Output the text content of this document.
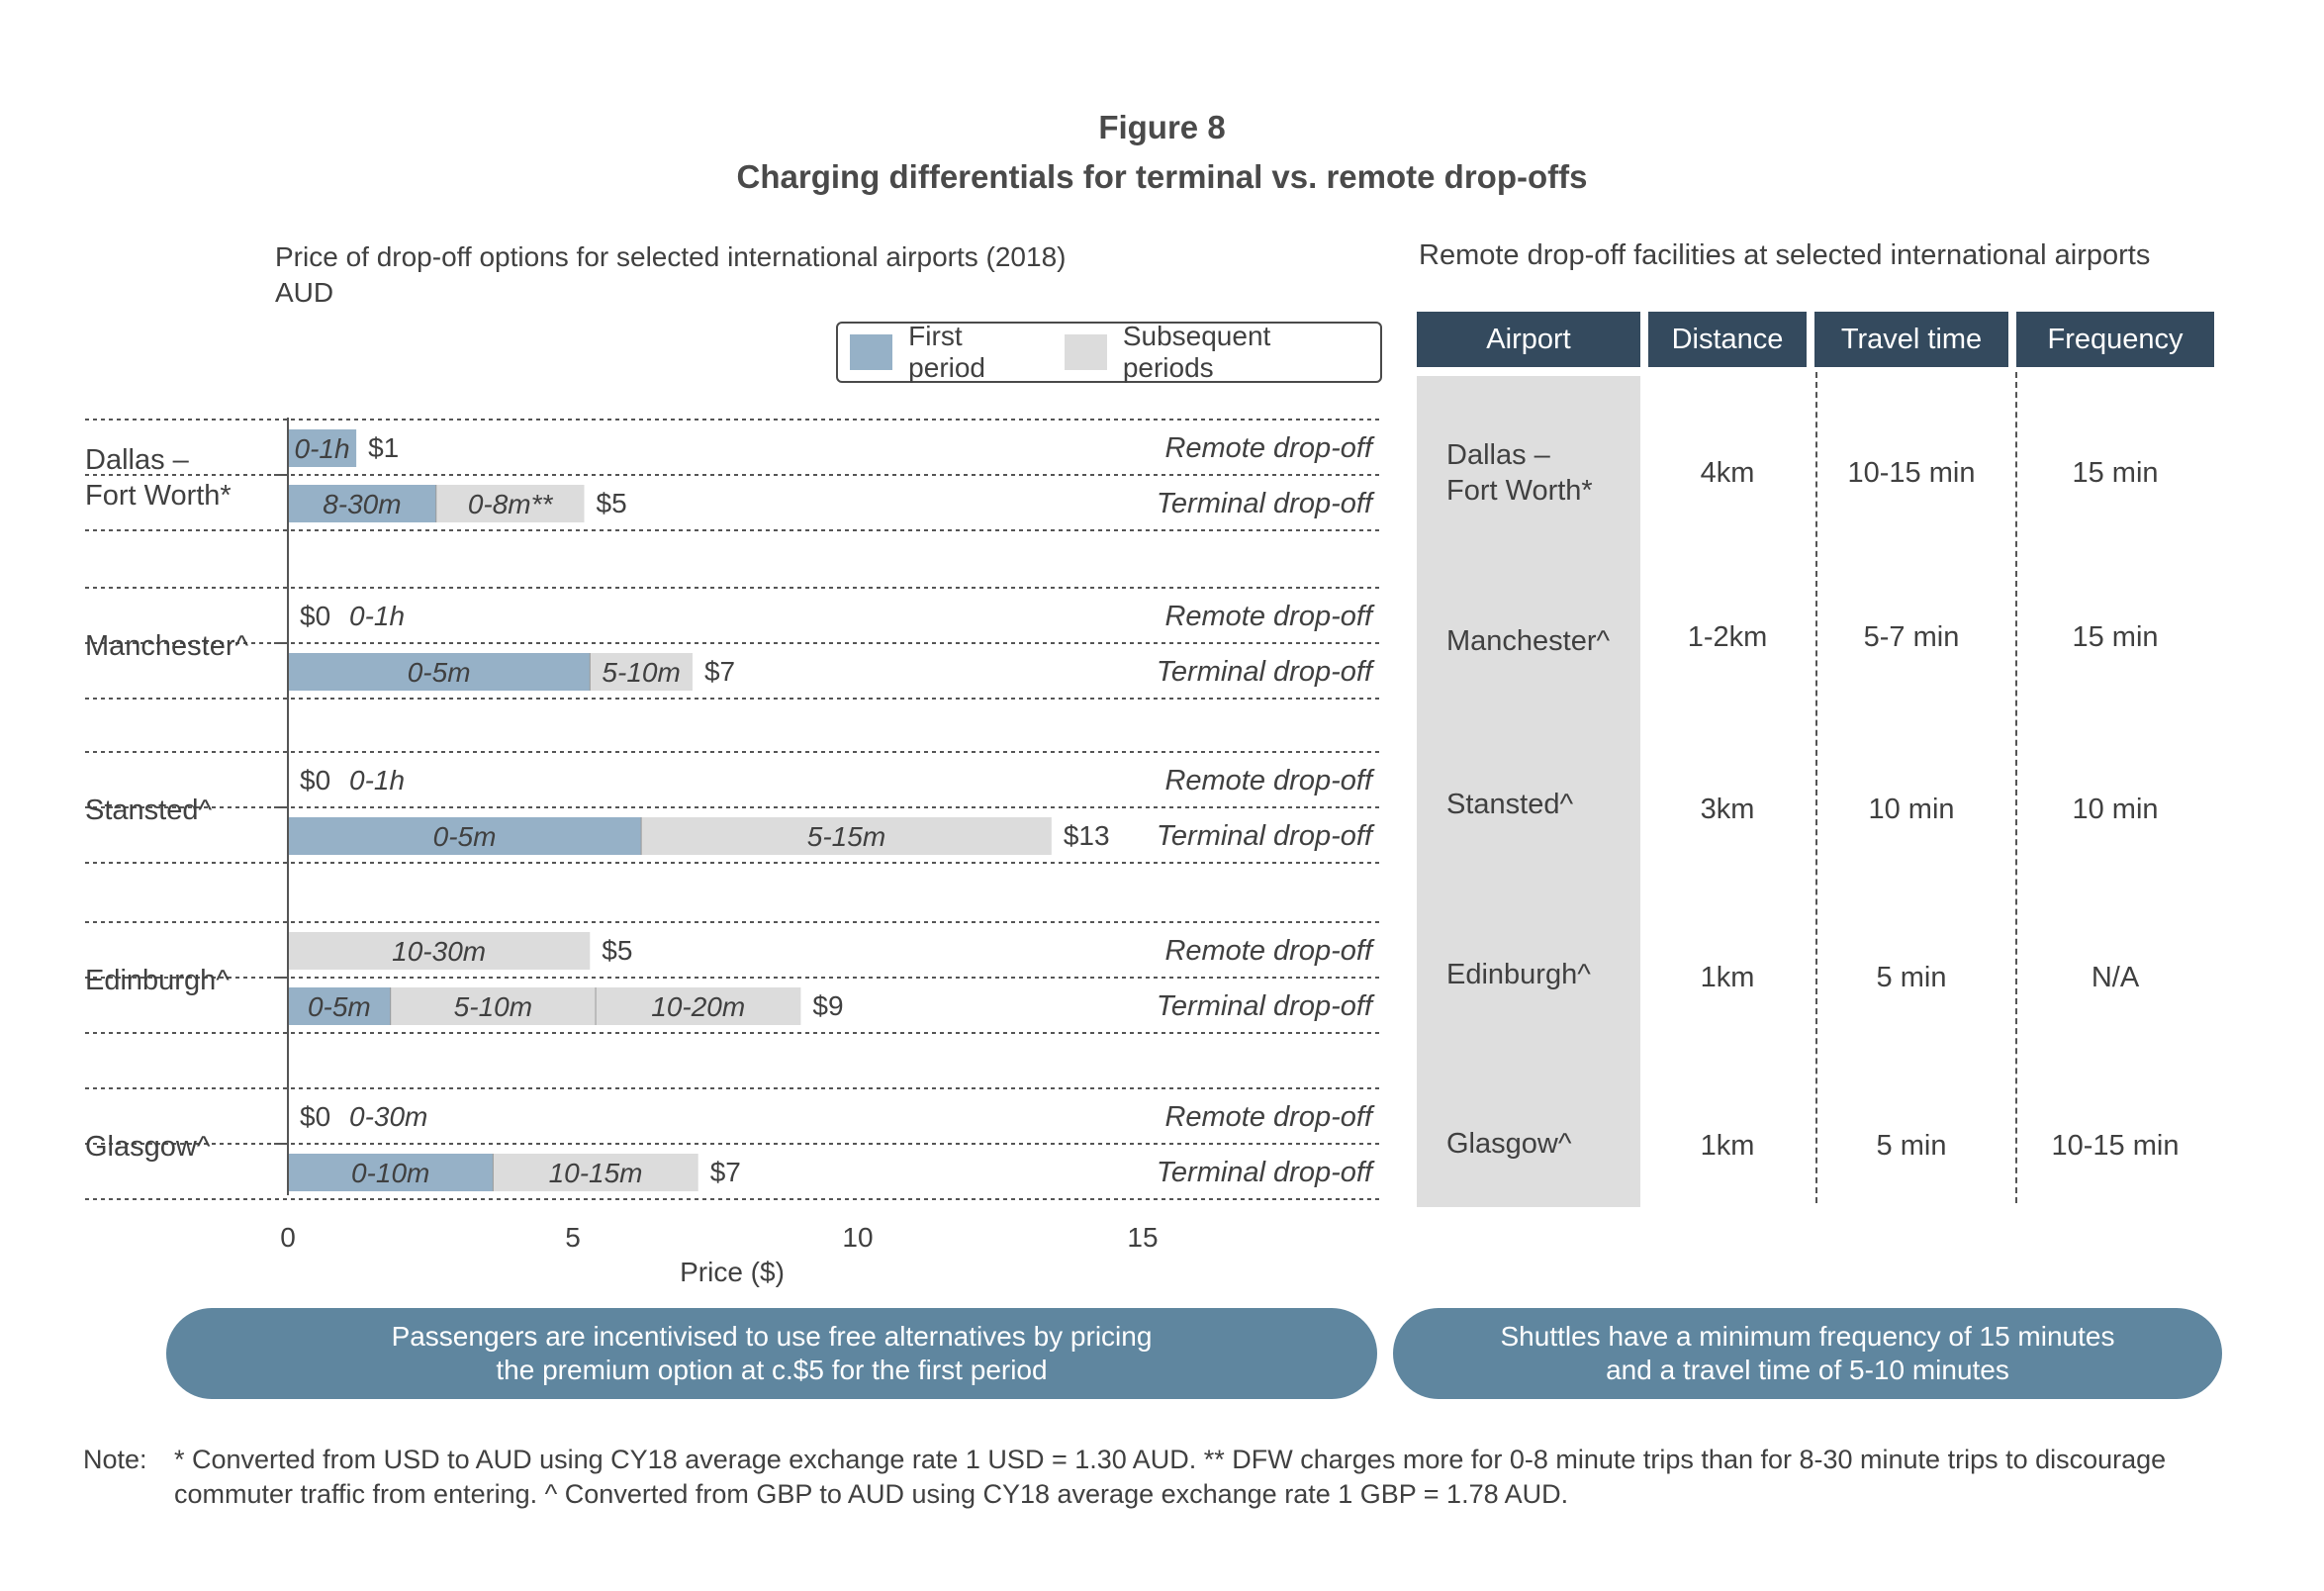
Figure 8
Charging differentials for terminal vs. remote drop-offs
Price of drop-off options for selected international airports (2018)
AUD
Remote drop-off facilities at selected international airports
First period
Subsequent periods
Dallas –
Fort Worth*
0-1h $1	Remote drop-off
8-30m 0-8m** $5	Terminal drop-off
Manchester^
$0 0-1h	Remote drop-off
0-5m	5-10m $7	Terminal drop-off
Stansted^
$0 0-1h	Remote drop-off
0-5m	5-15m	$13 Terminal drop-off
Edinburgh^
10-30m	$5	Remote drop-off
0-5m	5-10m	10-20m $9	Terminal drop-off
Glasgow^
$0 0-30m	Remote drop-off
0-10m	10-15m $7	Terminal drop-off
0	5	10	15
Price ($)
Airport	Distance	Travel time	Frequency
Dallas –
Fort Worth*
4km	10-15 min	15 min
Manchester^	1-2km	5-7 min	15 min
Stansted^	3km	10 min	10 min
Edinburgh^	1km	5 min	N/A
Glasgow^	1km	5 min	10-15 min
Passengers are incentivised to use free alternatives by pricing
the premium option at c.$5 for the first period
Shuttles have a minimum frequency of 15 minutes
and a travel time of 5-10 minutes
Note: * Converted from USD to AUD using CY18 average exchange rate 1 USD = 1.30 AUD. ** DFW charges more for 0-8 minute trips than for 8-30 minute trips to discourage commuter traffic from entering. ^ Converted from GBP to AUD using CY18 average exchange rate 1 GBP = 1.78 AUD.
